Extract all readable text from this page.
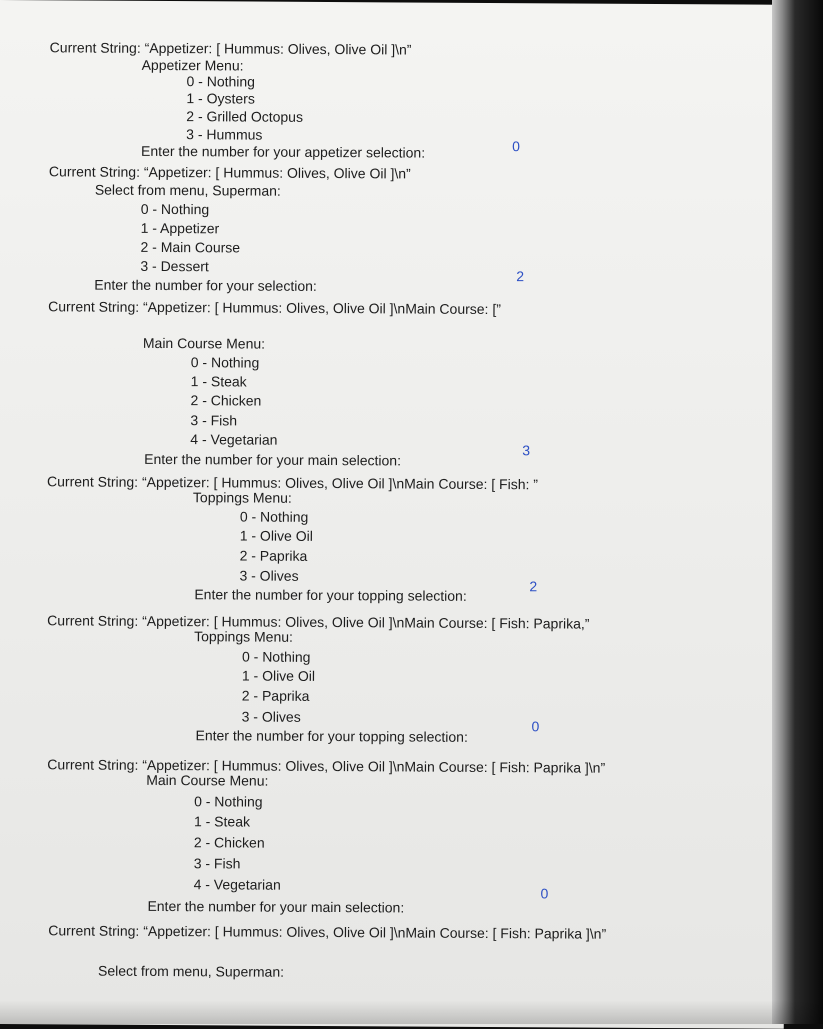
Current String: “Appetizer: [ Hummus: Olives, Olive Oil ]\n”

Appetizer Menu:

0 - Nothing

1 - Oysters

2 - Grilled Octopus

3 - Hummus

Enter the number for your appetizer selection:	0

Current String: “Appetizer: [ Hummus: Olives, Olive Oil ]\n”

Select from menu, Superman:

0 - Nothing

1 - Appetizer

2 - Main Course

3 - Dessert

Enter the number for your selection:

2

Current String: “Appetizer: [ Hummus: Olives, Olive Oil ]\nMain Course: [”

Main Course Menu:

0 - Nothing

1 - Steak

2 - Chicken

3 - Fish

4 - Vegetarian

Enter the number for your main selection:

3

Current String: “Appetizer: [ Hummus: Olives, Olive Oil ]\nMain Course: [ Fish: ”

Toppings Menu:

0 - Nothing

1 - Olive Oil

2 - Paprika

3 - Olives

Enter the number for your topping selection:	2

Current String: “Appetizer: [ Hummus: Olives, Olive Oil ]\nMain Course: [ Fish: Paprika,”

Toppings Menu:

0 - Nothing

1 - Olive Oil

2 - Paprika

3 - Olives

Enter the number for your topping selection:

0

Current String: “Appetizer: [ Hummus: Olives, Olive Oil ]\nMain Course: [ Fish: Paprika ]\n”

Main Course Menu:

0 - Nothing

1 - Steak

2 - Chicken

3 - Fish

4 - Vegetarian

Enter the number for your main selection:

0

Current String: “Appetizer: [ Hummus: Olives, Olive Oil ]\nMain Course: [ Fish: Paprika ]\n”

Select from menu, Superman:
